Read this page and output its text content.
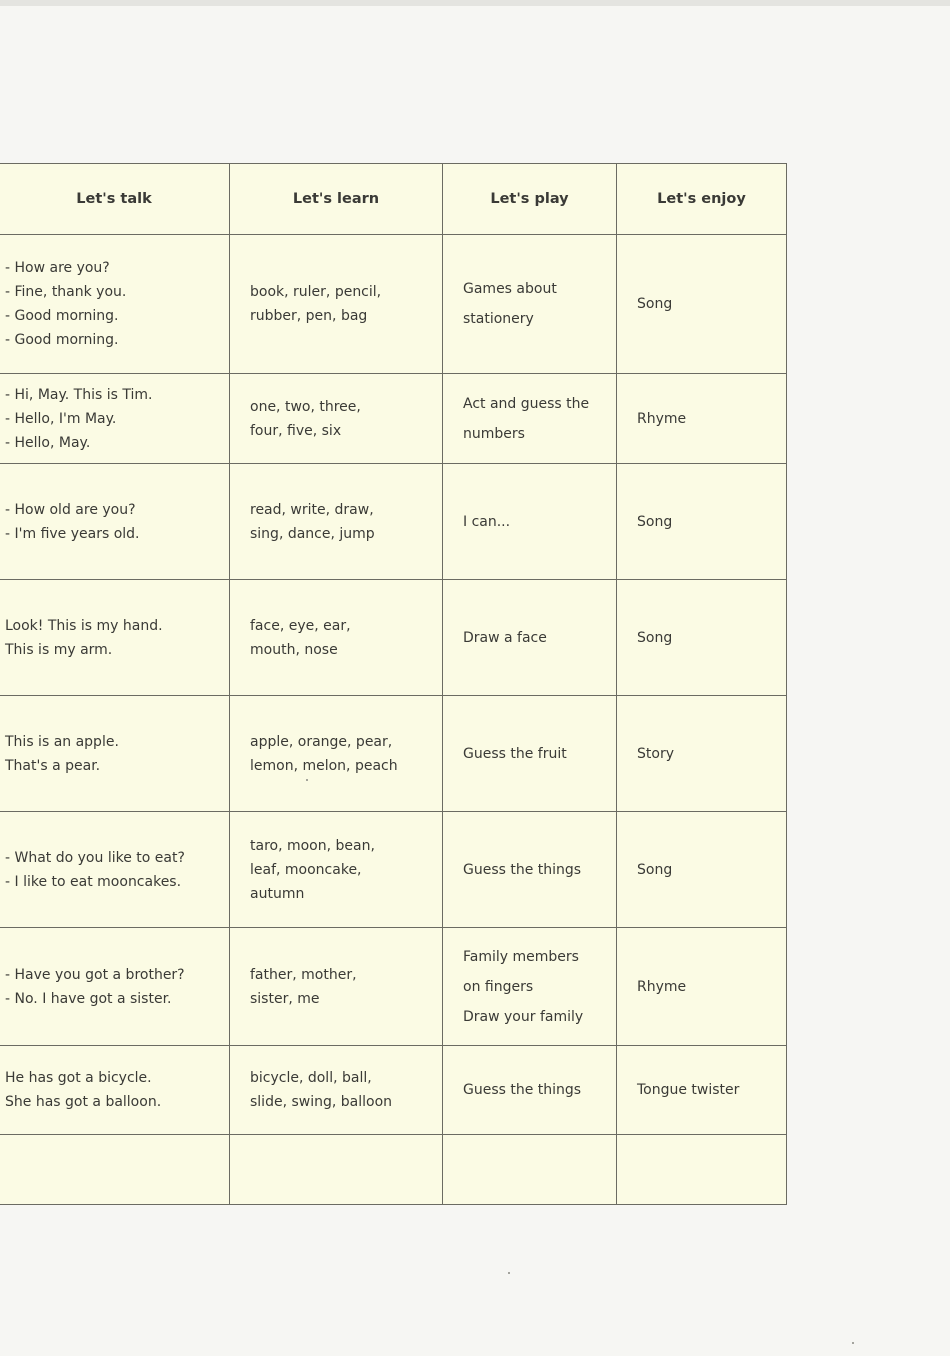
Let's talk	Let's learn	Let's play	Let's enjoy

- How are you?
- Fine, thank you.
- Good morning.
- Good morning.	book, ruler, pencil,
rubber, pen, bag	Games about
stationery	Song

- Hi, May. This is Tim.
- Hello, I'm May.
- Hello, May.	one, two, three,
four, five, six	Act and guess the
numbers	Rhyme

- How old are you?
- I'm five years old.	read, write, draw,
sing, dance, jump	I can...	Song

Look! This is my hand.
This is my arm.	face, eye, ear,
mouth, nose	Draw a face	Song

This is an apple.
That's a pear.	apple, orange, pear,
lemon, melon, peach	Guess the fruit	Story

- What do you like to eat?
- I like to eat mooncakes.	taro, moon, bean,
leaf, mooncake,
autumn	Guess the things	Song

- Have you got a brother?
- No. I have got a sister.	father, mother,
sister, me	Family members
on fingers
Draw your family	Rhyme

He has got a bicycle.
She has got a balloon.	bicycle, doll, ball,
slide, swing, balloon	Guess the things	Tongue twister
